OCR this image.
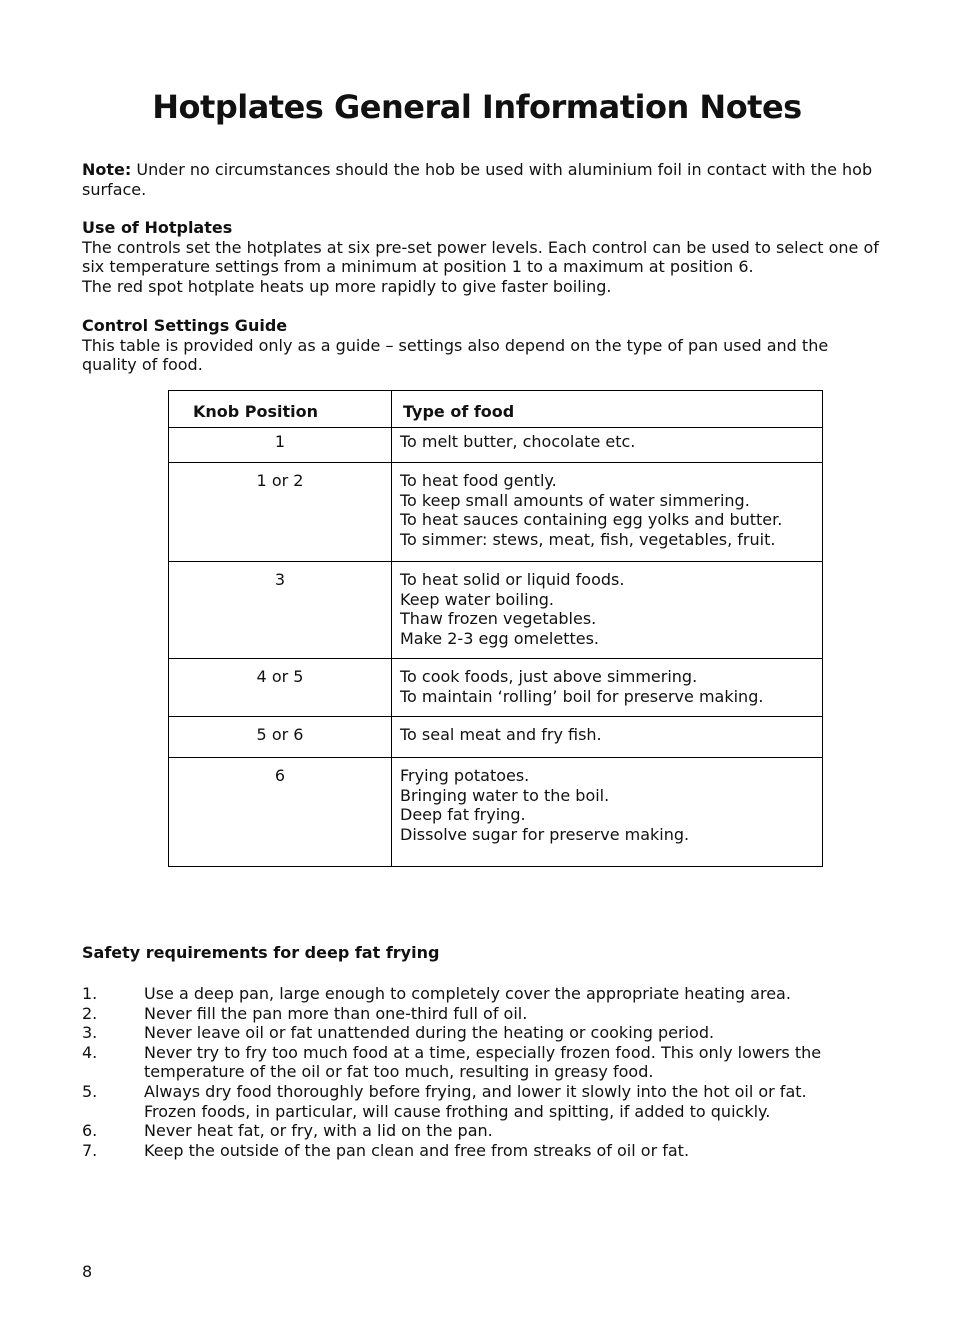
Hotplates General Information Notes

Note: Under no circumstances should the hob be used with aluminium foil in contact with the hob surface.

Use of Hotplates

The controls set the hotplates at six pre-set power levels. Each control can be used to select one of six temperature settings from a minimum at position 1 to a maximum at position 6.

The red spot hotplate heats up more rapidly to give faster boiling.

Control Settings Guide

This table is provided only as a guide – settings also depend on the type of pan used and the quality of food.

Knob Position	Type of food
1	To melt butter, chocolate etc.

1 or 2	To heat food gently.
To keep small amounts of water simmering.
To heat sauces containing egg yolks and butter.
To simmer: stews, meat, fish, vegetables, fruit.

3	To heat solid or liquid foods.
Keep water boiling.
Thaw frozen vegetables.
Make 2-3 egg omelettes.

4 or 5	To cook foods, just above simmering.
To maintain ‘rolling’ boil for preserve making.

5 or 6	To seal meat and fry fish.

6	Frying potatoes.
Bringing water to the boil.
Deep fat frying.
Dissolve sugar for preserve making.

Safety requirements for deep fat frying

1.	Use a deep pan, large enough to completely cover the appropriate heating area.
2.	Never fill the pan more than one-third full of oil.
3.	Never leave oil or fat unattended during the heating or cooking period.
4.	Never try to fry too much food at a time, especially frozen food. This only lowers the temperature of the oil or fat too much, resulting in greasy food.
5.	Always dry food thoroughly before frying, and lower it slowly into the hot oil or fat. Frozen foods, in particular, will cause frothing and spitting, if added to quickly.
6.	Never heat fat, or fry, with a lid on the pan.
7.	Keep the outside of the pan clean and free from streaks of oil or fat.
8
